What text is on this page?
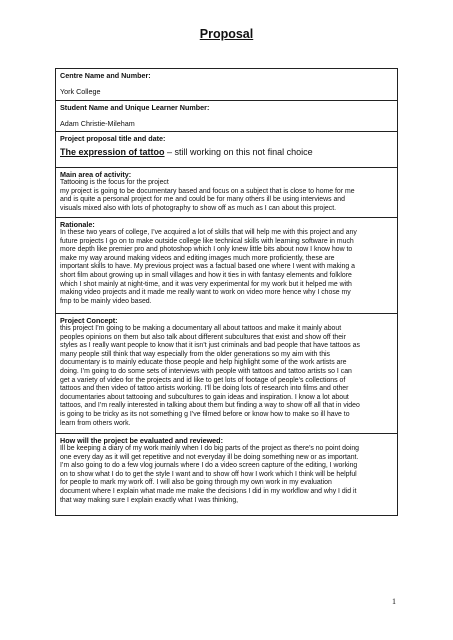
Proposal
Centre Name and Number:
York College
Student Name and Unique Learner Number:
Adam Christie-Mileham
Project proposal title and date:
The expression of tattoo – still working on this not final choice
Main area of activity:
Tattooing is the focus for the project
my project is going to be documentary based and focus on a subject that is close to home for me
and is quite a personal project for me and could be for many others ill be using interviews and
visuals mixed also with lots of photography to show off as much as I can about this project.
Rationale:
In these two years of college, I’ve acquired a lot of skills that will help me with this project and any
future projects I go on to make outside college like technical skills with learning software in much
more depth like premier pro and photoshop which I only knew little bits about now I know how to
make my way around making videos and editing images much more proficiently, these are
important skills to have. My previous project was a factual based one where I went with making a
short film about growing up in small villages and how it ties in with fantasy elements and folklore
which I shot mainly at night-time, and it was very experimental for my work but it helped me with
making video projects and it made me really want to work on video more hence why I chose my
fmp to be mainly video based.
Project Concept:
this project I’m going to be making a documentary all about tattoos and make it mainly about
peoples opinions on them but also talk about different subcultures that exist and show off their
styles as I really want people to know that it isn’t just criminals and bad people that have tattoos as
many people still think that way especially from the older generations so my aim with this
documentary is to mainly educate those people and help highlight some of the work artists are
doing. I’m going to do some sets of interviews with people with tattoos and tattoo artists so I can
get a variety of video for the projects and id like to get lots of footage of people’s collections of
tattoos and then video of tattoo artists working. I’ll be doing lots of research into films and other
documentaries about tattooing and subcultures to gain ideas and inspiration. I know a lot about
tattoos, and I’m really interested in talking about them but finding a way to show off all that in video
is going to be tricky as its not something g I’ve filmed before or know how to make so ill have to
learn from others work.
How will the project be evaluated and reviewed:
Ill be keeping a diary of my work mainly when I do big parts of the project as there’s no point doing
one every day as it will get repetitive and not everyday ill be doing something new or as important.
I’m also going to do a few vlog journals where I do a video screen capture of the editing, I working
on to show what I do to get the style I want and to show off how I work which I think will be helpful
for people to mark my work off. I will also be going through my own work in my evaluation
document where I explain what made me make the decisions I did in my workflow and why I did it
that way making sure I explain exactly what I was thinking,
1
